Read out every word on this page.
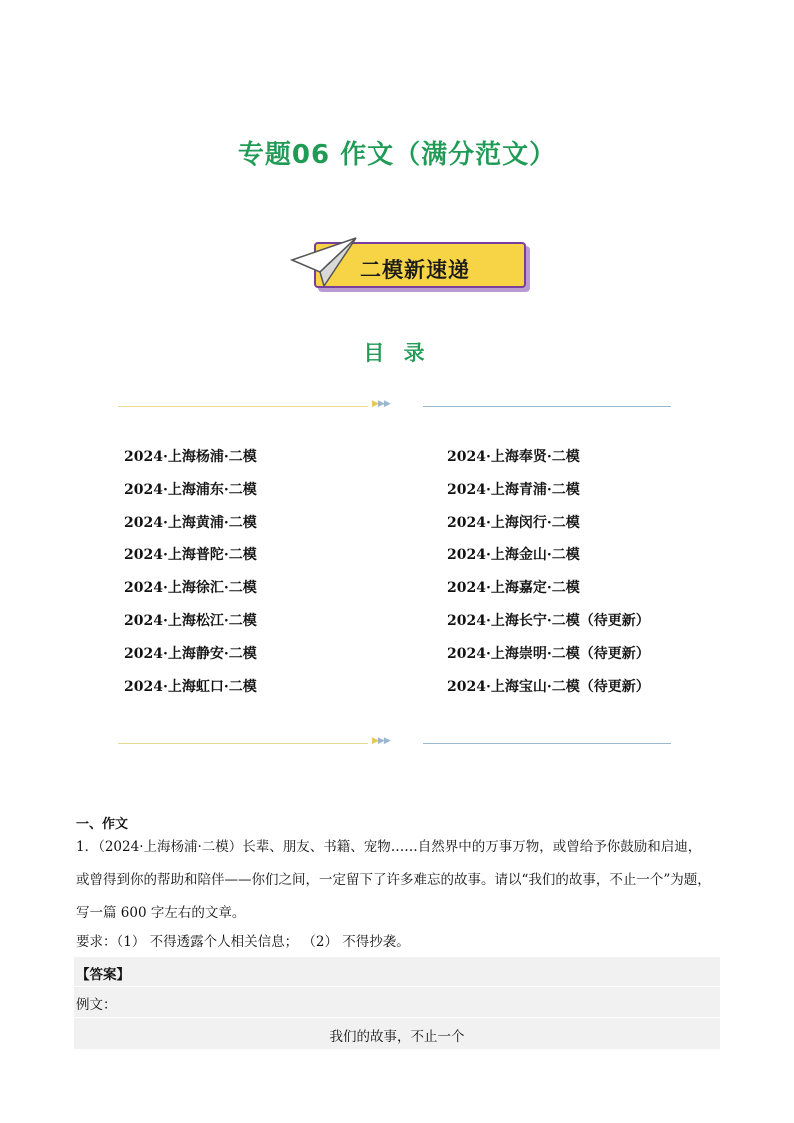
专题06 作文（满分范文）
二模新速递
目 录
▶▶▶
2024·上海杨浦·二模
2024·上海浦东·二模
2024·上海黄浦·二模
2024·上海普陀·二模
2024·上海徐汇·二模
2024·上海松江·二模
2024·上海静安·二模
2024·上海虹口·二模
2024·上海奉贤·二模
2024·上海青浦·二模
2024·上海闵行·二模
2024·上海金山·二模
2024·上海嘉定·二模
2024·上海长宁·二模（待更新）
2024·上海崇明·二模（待更新）
2024·上海宝山·二模（待更新）
▶▶▶
一、作文
1．（2024·上海杨浦·二模）长辈、朋友、书籍、宠物……自然界中的万事万物，或曾给予你鼓励和启迪，
或曾得到你的帮助和陪伴——你们之间，一定留下了许多难忘的故事。请以“我们的故事，不止一个”为题，
写一篇 600 字左右的文章。
要求：（1） 不得透露个人相关信息； （2） 不得抄袭。
【答案】
例文：
我们的故事，不止一个
